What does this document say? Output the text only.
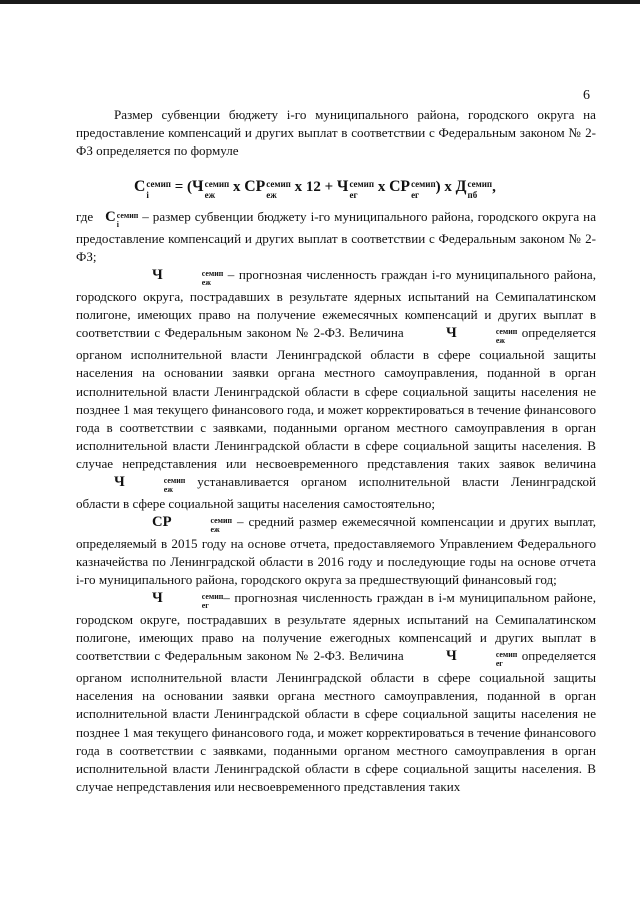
6

Размер субвенции бюджету i-го муниципального района, городского округа на предоставление компенсаций и других выплат в соответствии с Федеральным законом № 2-ФЗ определяется по формуле

С семип
i = ( Ч семип
еж х СР семип
еж х 12 + Ч семип
ег х СР семип
ег ) х Д семип
пб ,

где С семип
i
– размер субвенции бюджету i-го муниципального района, городского округа на предоставление компенсаций и других выплат в соответствии с Федеральным законом № 2-ФЗ;

Ч	семип
еж
– прогнозная численность граждан i-го муниципального района, городского округа, пострадавших в результате ядерных испытаний на Семипалатинском полигоне, имеющих право на получение ежемесячных компенсаций и других выплат в соответствии с Федеральным законом № 2-ФЗ. Величина	Ч	семип
еж
определяется органом исполнительной власти Ленинградской области в сфере социальной защиты населения на основании заявки органа местного самоуправления, поданной в орган исполнительной власти Ленинградской области в сфере социальной защиты населения не позднее 1 мая текущего финансового года, и может корректироваться в течение финансового года в соответствии с заявками, поданными органом местного самоуправления в орган исполнительной власти Ленинградской области в сфере социальной защиты населения. В случае непредставления или несвоевременного представления таких заявок величина
Ч	семип
еж
устанавливается органом исполнительной власти Ленинградской области в сфере социальной защиты населения самостоятельно;

СР	семип
еж
– средний размер ежемесячной компенсации и других выплат, определяемый в 2015 году на основе отчета, предоставляемого Управлением Федерального казначейства по Ленинградской области в 2016 году и последующие годы на основе отчета i-го муниципального района, городского округа за предшествующий финансовый год;

Ч	семип
ег
– прогнозная численность граждан в i-м муниципальном районе, городском округе, пострадавших в результате ядерных испытаний на Семипалатинском полигоне, имеющих право на получение ежегодных компенсаций и других выплат в соответствии с Федеральным законом № 2-ФЗ. Величина	Ч	семип
ег
определяется органом исполнительной власти Ленинградской области в сфере социальной защиты населения на основании заявки органа местного самоуправления, поданной в орган исполнительной власти Ленинградской области в сфере социальной защиты населения не позднее 1 мая текущего финансового года, и может корректироваться в течение финансового года в соответствии с заявками, поданными органом местного самоуправления в орган исполнительной власти Ленинградской области в сфере социальной защиты населения. В случае непредставления или несвоевременного представления таких
